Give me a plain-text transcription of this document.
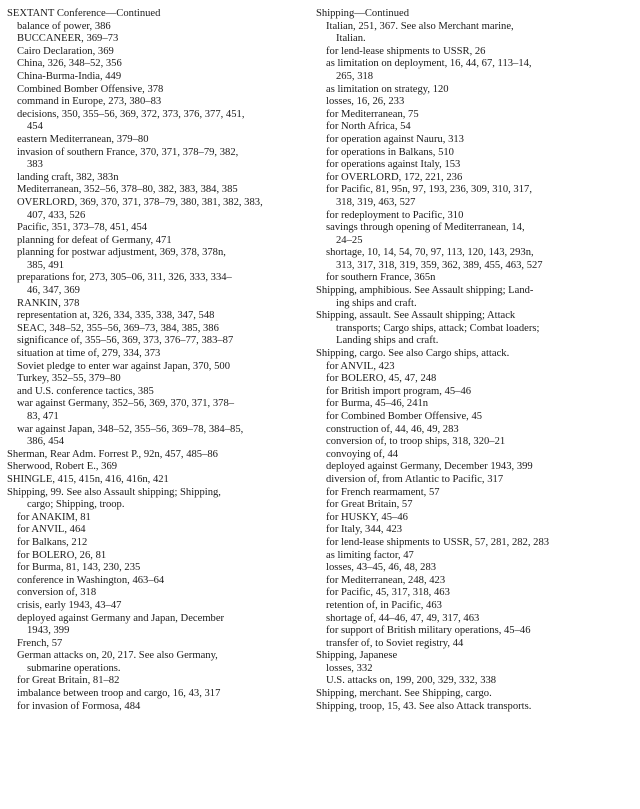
SEXTANT Conference—Continued
balance of power, 386
BUCCANEER, 369–73
Cairo Declaration, 369
China, 326, 348–52, 356
China-Burma-India, 449
Combined Bomber Offensive, 378
command in Europe, 273, 380–83
decisions, 350, 355–56, 369, 372, 373, 376, 377, 451,
454
eastern Mediterranean, 379–80
invasion of southern France, 370, 371, 378–79, 382,
383
landing craft, 382, 383n
Mediterranean, 352–56, 378–80, 382, 383, 384, 385
OVERLORD, 369, 370, 371, 378–79, 380, 381, 382, 383,
407, 433, 526
Pacific, 351, 373–78, 451, 454
planning for defeat of Germany, 471
planning for postwar adjustment, 369, 378, 378n,
385, 491
preparations for, 273, 305–06, 311, 326, 333, 334–
46, 347, 369
RANKIN, 378
representation at, 326, 334, 335, 338, 347, 548
SEAC, 348–52, 355–56, 369–73, 384, 385, 386
significance of, 355–56, 369, 373, 376–77, 383–87
situation at time of, 279, 334, 373
Soviet pledge to enter war against Japan, 370, 500
Turkey, 352–55, 379–80
and U.S. conference tactics, 385
war against Germany, 352–56, 369, 370, 371, 378–
83, 471
war against Japan, 348–52, 355–56, 369–78, 384–85,
386, 454
Sherman, Rear Adm. Forrest P., 92n, 457, 485–86
Sherwood, Robert E., 369
SHINGLE, 415, 415n, 416, 416n, 421
Shipping, 99. See also Assault shipping; Shipping,
cargo; Shipping, troop.
for ANAKIM, 81
for ANVIL, 464
for Balkans, 212
for BOLERO, 26, 81
for Burma, 81, 143, 230, 235
conference in Washington, 463–64
conversion of, 318
crisis, early 1943, 43–47
deployed against Germany and Japan, December
1943, 399
French, 57
German attacks on, 20, 217. See also Germany,
submarine operations.
for Great Britain, 81–82
imbalance between troop and cargo, 16, 43, 317
for invasion of Formosa, 484
Shipping—Continued
Italian, 251, 367. See also Merchant marine,
Italian.
for lend-lease shipments to USSR, 26
as limitation on deployment, 16, 44, 67, 113–14,
265, 318
as limitation on strategy, 120
losses, 16, 26, 233
for Mediterranean, 75
for North Africa, 54
for operation against Nauru, 313
for operations in Balkans, 510
for operations against Italy, 153
for OVERLORD, 172, 221, 236
for Pacific, 81, 95n, 97, 193, 236, 309, 310, 317,
318, 319, 463, 527
for redeployment to Pacific, 310
savings through opening of Mediterranean, 14,
24–25
shortage, 10, 14, 54, 70, 97, 113, 120, 143, 293n,
313, 317, 318, 319, 359, 362, 389, 455, 463, 527
for southern France, 365n
Shipping, amphibious. See Assault shipping; Land-
ing ships and craft.
Shipping, assault. See Assault shipping; Attack
transports; Cargo ships, attack; Combat loaders;
Landing ships and craft.
Shipping, cargo. See also Cargo ships, attack.
for ANVIL, 423
for BOLERO, 45, 47, 248
for British import program, 45–46
for Burma, 45–46, 241n
for Combined Bomber Offensive, 45
construction of, 44, 46, 49, 283
conversion of, to troop ships, 318, 320–21
convoying of, 44
deployed against Germany, December 1943, 399
diversion of, from Atlantic to Pacific, 317
for French rearmament, 57
for Great Britain, 57
for HUSKY, 45–46
for Italy, 344, 423
for lend-lease shipments to USSR, 57, 281, 282, 283
as limiting factor, 47
losses, 43–45, 46, 48, 283
for Mediterranean, 248, 423
for Pacific, 45, 317, 318, 463
retention of, in Pacific, 463
shortage of, 44–46, 47, 49, 317, 463
for support of British military operations, 45–46
transfer of, to Soviet registry, 44
Shipping, Japanese
losses, 332
U.S. attacks on, 199, 200, 329, 332, 338
Shipping, merchant. See Shipping, cargo.
Shipping, troop, 15, 43. See also Attack transports.
